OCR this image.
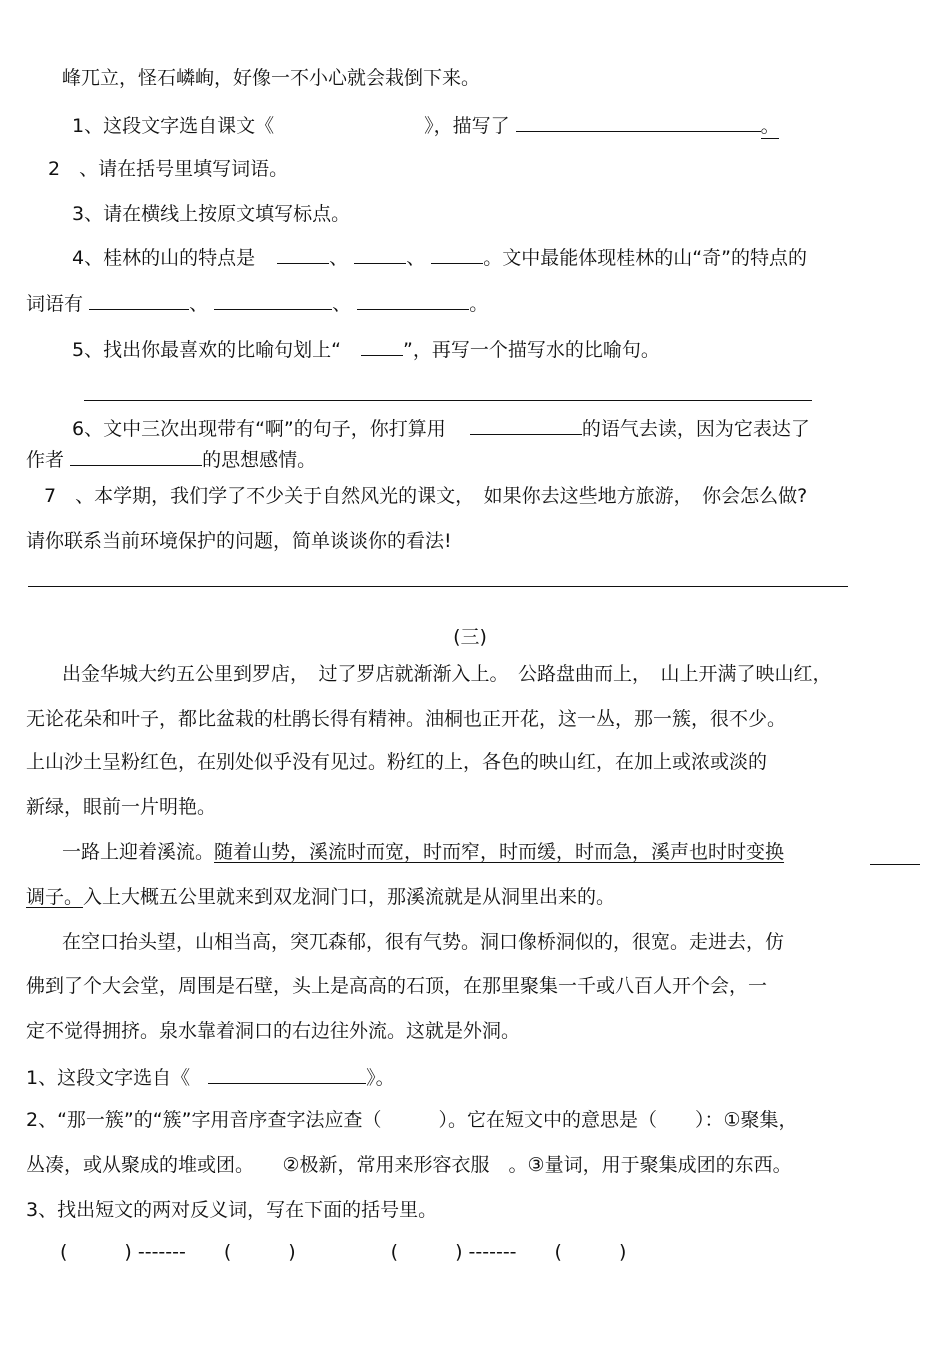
峰兀立，怪石嶙峋，好像一不小心就会栽倒下来。
1、这段文字选自课文《	》，描写了	。
2　、请在括号里填写词语。
3、请在横线上按原文填写标点。
4、桂林的山的特点是	、	、	。文中最能体现桂林的山“奇”的特点的
词语有	、	、	。
5、找出你最喜欢的比喻句划上“	”，再写一个描写水的比喻句。
6、文中三次出现带有“啊”的句子，你打算用	的语气去读，因为它表达了
作者	的思想感情。
7　、本学期，我们学了不少关于自然风光的课文，　如果你去这些地方旅游，　你会怎么做?
请你联系当前环境保护的问题，简单谈谈你的看法!
(三)
出金华城大约五公里到罗店，　过了罗店就渐渐入上。　公路盘曲而上，　山上开满了映山红，
无论花朵和叶子，都比盆栽的杜鹃长得有精神。油桐也正开花，这一丛，那一簇，很不少。
上山沙土呈粉红色，在别处似乎没有见过。粉红的上，各色的映山红，在加上或浓或淡的
新绿，眼前一片明艳。
一路上迎着溪流。随着山势，溪流时而宽，时而窄，时而缓，时而急，溪声也时时变换
调子。入上大概五公里就来到双龙洞门口，那溪流就是从洞里出来的。
在空口抬头望，山相当高，突兀森郁，很有气势。洞口像桥洞似的，很宽。走进去，仿
佛到了个大会堂，周围是石壁，头上是高高的石顶，在那里聚集一千或八百人开个会，一
定不觉得拥挤。泉水靠着洞口的右边往外流。这就是外洞。
1、这段文字选自《	》。
2、“那一簇”的“簇”字用音序查字法应查（　　　）。它在短文中的意思是（　　）：①聚集，
丛凑，或从聚成的堆或团。　　②极新，常用来形容衣服　。③量词，用于聚集成团的东西。
3、找出短文的两对反义词，写在下面的括号里。
(　　　) -------　　(　　　)　　　　　(　　　) -------　　(　　　)
